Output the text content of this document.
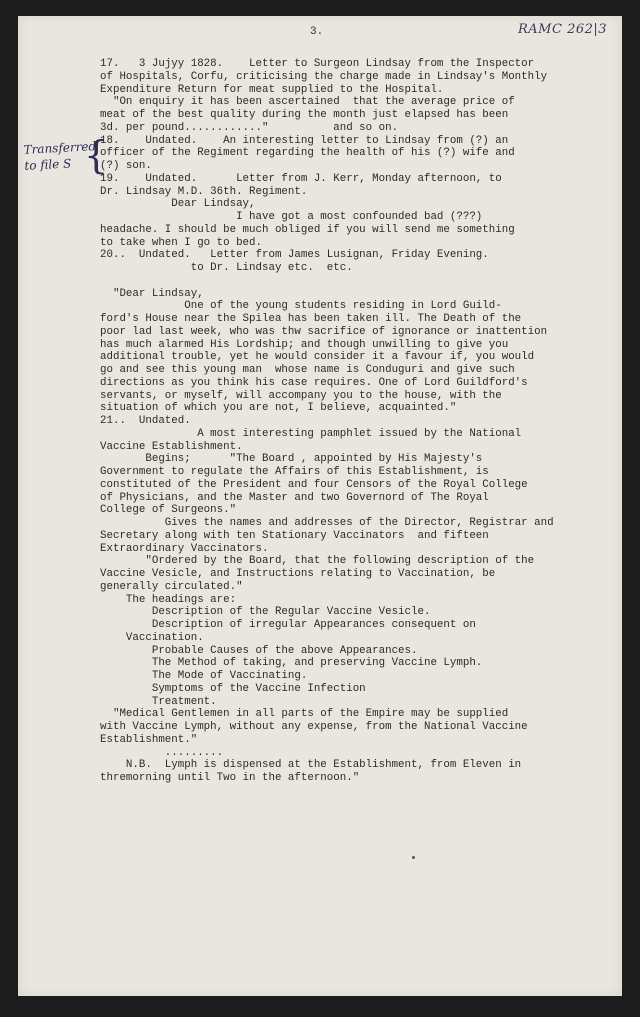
3.	RAMC 262|3
Transferred
to file S {
17.   3 Jujyy 1828.    Letter to Surgeon Lindsay from the Inspector
of Hospitals, Corfu, criticising the charge made in Lindsay's Monthly
Expenditure Return for meat supplied to the Hospital.
"On enquiry it has been ascertained  that the average price of
meat of the best quality during the month just elapsed has been
3d. per pound............"          and so on.
18.    Undated.    An interesting letter to Lindsay from (?) an
officer of the Regiment regarding the health of his (?) wife and
(?) son.
19.    Undated.      Letter from J. Kerr, Monday afternoon, to
Dr. Lindsay M.D. 36th. Regiment.
Dear Lindsay,
I have got a most confounded bad (???)
headache. I should be much obliged if you will send me something
to take when I go to bed.
20..  Undated.   Letter from James Lusignan, Friday Evening.
to Dr. Lindsay etc.  etc.
"Dear Lindsay,
One of the young students residing in Lord Guild-
ford's House near the Spilea has been taken ill. The Death of the
poor lad last week, who was thw sacrifice of ignorance or inattention
has much alarmed His Lordship; and though unwilling to give you
additional trouble, yet he would consider it a favour if, you would
go and see this young man  whose name is Conduguri and give such
directions as you think his case requires. One of Lord Guildford's
servants, or myself, will accompany you to the house, with the
situation of which you are not, I believe, acquainted."
21..  Undated.
A most interesting pamphlet issued by the National
Vaccine Establishment.
Begins;      "The Board , appointed by His Majesty's
Government to regulate the Affairs of this Establishment, is
constituted of the President and four Censors of the Royal College
of Physicians, and the Master and two Governord of The Royal
College of Surgeons."
Gives the names and addresses of the Director, Registrar and
Secretary along with ten Stationary Vaccinators  and fifteen
Extraordinary Vaccinators.
"Ordered by the Board, that the following description of the
Vaccine Vesicle, and Instructions relating to Vaccination, be
generally circulated."
The headings are:
Description of the Regular Vaccine Vesicle.
Description of irregular Appearances consequent on
Vaccination.
Probable Causes of the above Appearances.
The Method of taking, and preserving Vaccine Lymph.
The Mode of Vaccinating.
Symptoms of the Vaccine Infection
Treatment.
"Medical Gentlemen in all parts of the Empire may be supplied
with Vaccine Lymph, without any expense, from the National Vaccine
Establishment."
.........
N.B.  Lymph is dispensed at the Establishment, from Eleven in
thremorning until Two in the afternoon."
